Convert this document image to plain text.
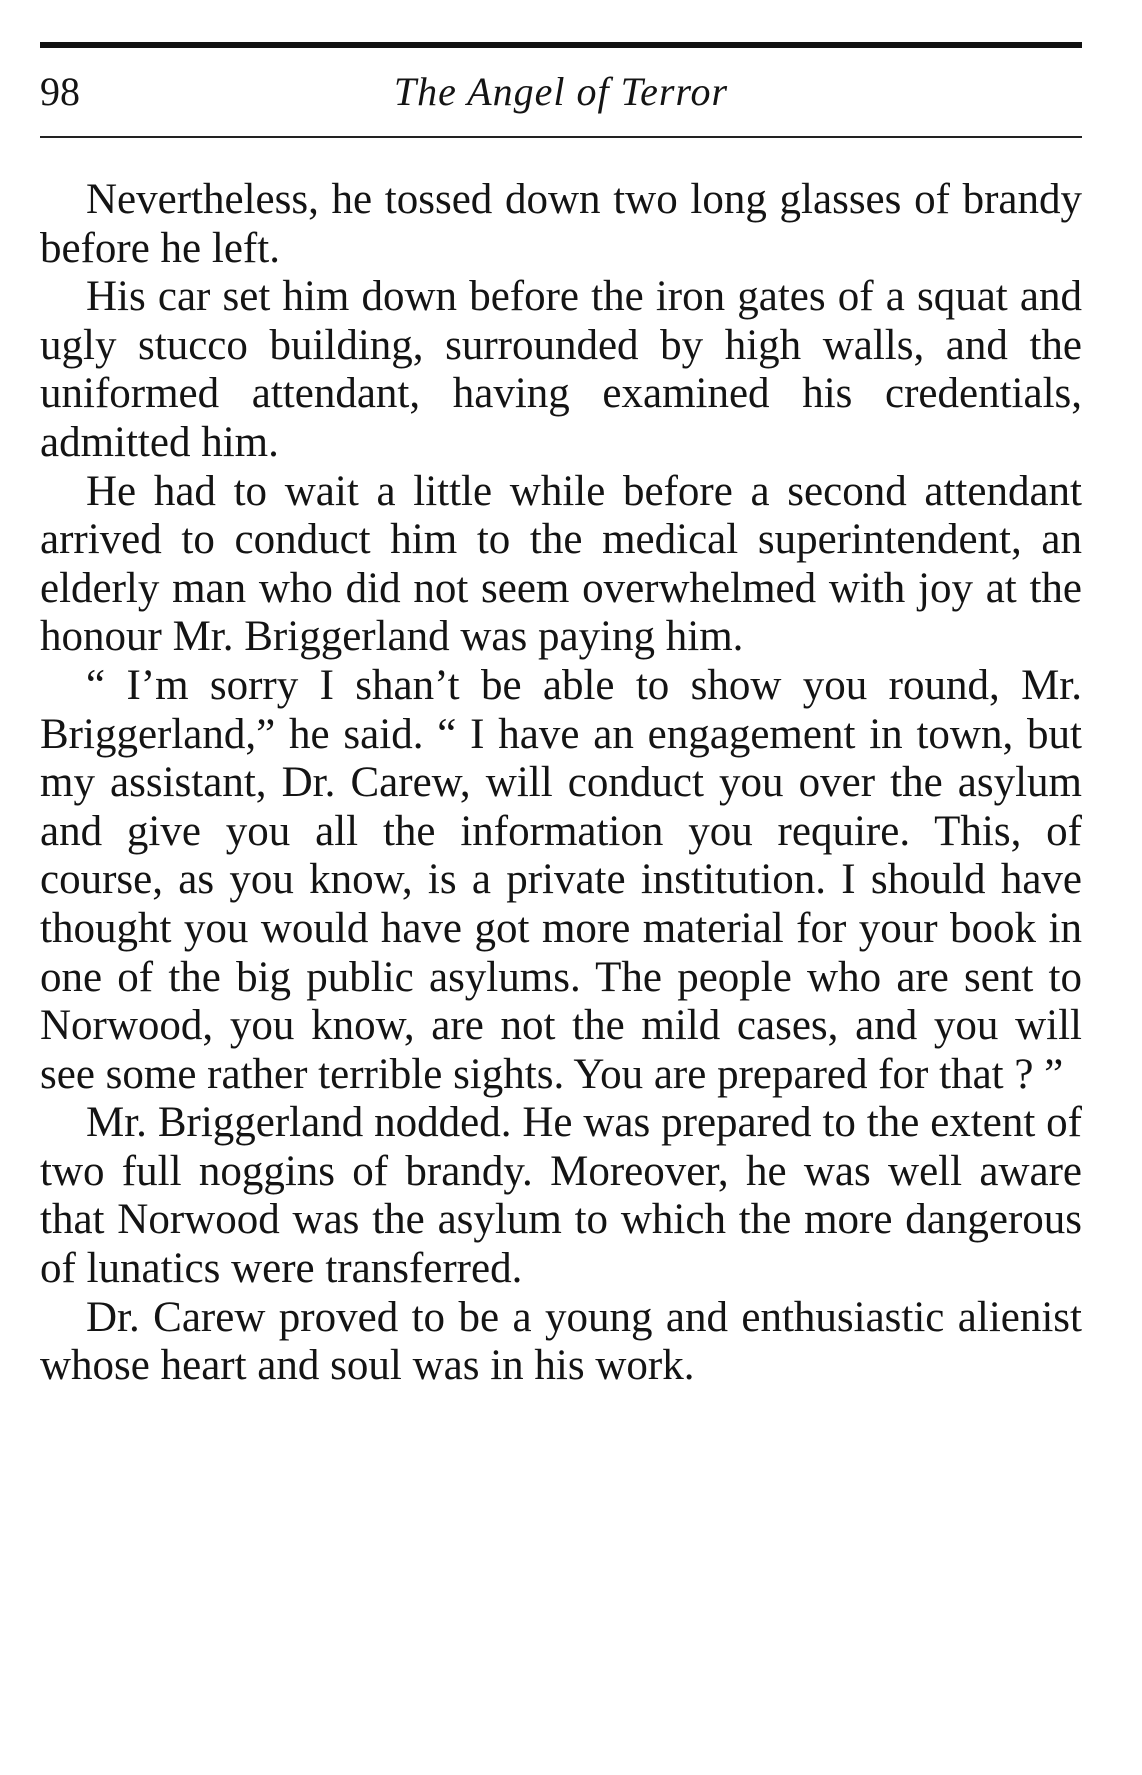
98	The Angel of Terror

Nevertheless, he tossed down two long glasses of brandy before he left.

His car set him down before the iron gates of a squat and ugly stucco building, surrounded by high walls, and the uniformed attendant, having examined his credentials, admitted him.

He had to wait a little while before a second attendant arrived to conduct him to the medical superintendent, an elderly man who did not seem overwhelmed with joy at the honour Mr. Briggerland was paying him.

“ I’m sorry I shan’t be able to show you round, Mr. Briggerland,” he said. “ I have an engagement in town, but my assistant, Dr. Carew, will conduct you over the asylum and give you all the information you require. This, of course, as you know, is a private institution. I should have thought you would have got more material for your book in one of the big public asylums. The people who are sent to Norwood, you know, are not the mild cases, and you will see some rather terrible sights. You are prepared for that ? ”

Mr. Briggerland nodded. He was prepared to the extent of two full noggins of brandy. Moreover, he was well aware that Norwood was the asylum to which the more dangerous of lunatics were transferred.

Dr. Carew proved to be a young and enthusiastic alienist whose heart and soul was in his work.
